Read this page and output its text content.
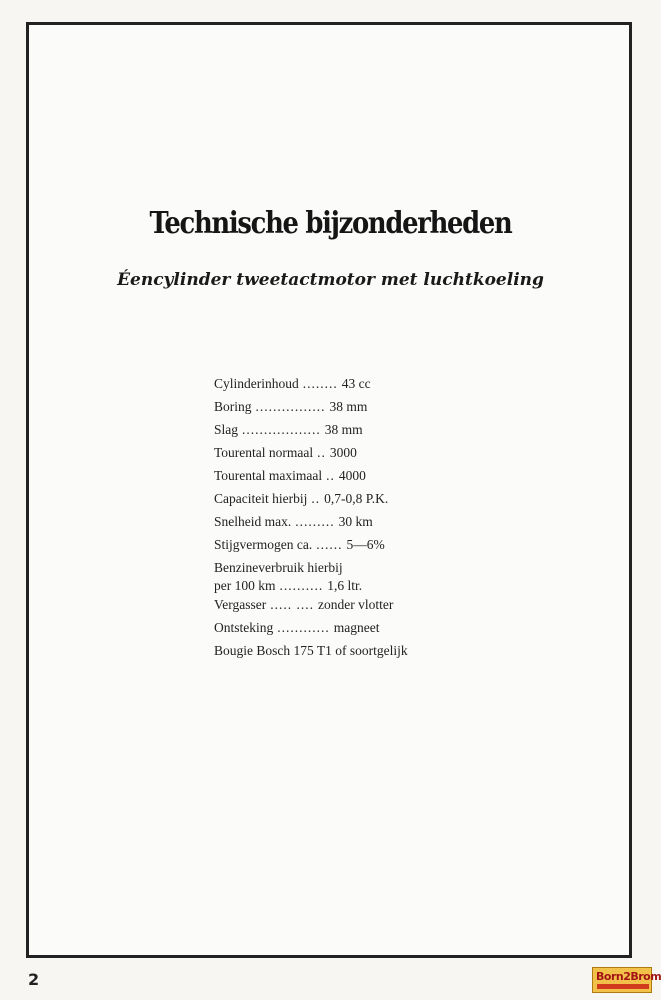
Technische bijzonderheden
Éencylinder tweetactmotor met luchtkoeling
Cylinderinhoud ........ 43 cc
Boring ................ 38 mm
Slag .................. 38 mm
Tourental normaal .. 3000
Tourental maximaal .. 4000
Capaciteit hierbij .. 0,7-0,8 P.K.
Snelheid max. ......... 30 km
Stijgvermogen ca. ...... 5—6%
Benzineverbruik hierbij
per 100 km .......... 1,6 ltr.
Vergasser ..... .... zonder vlotter
Ontsteking ............ magneet
Bougie Bosch 175 T1 of soortgelijk
2	Born2Brom
